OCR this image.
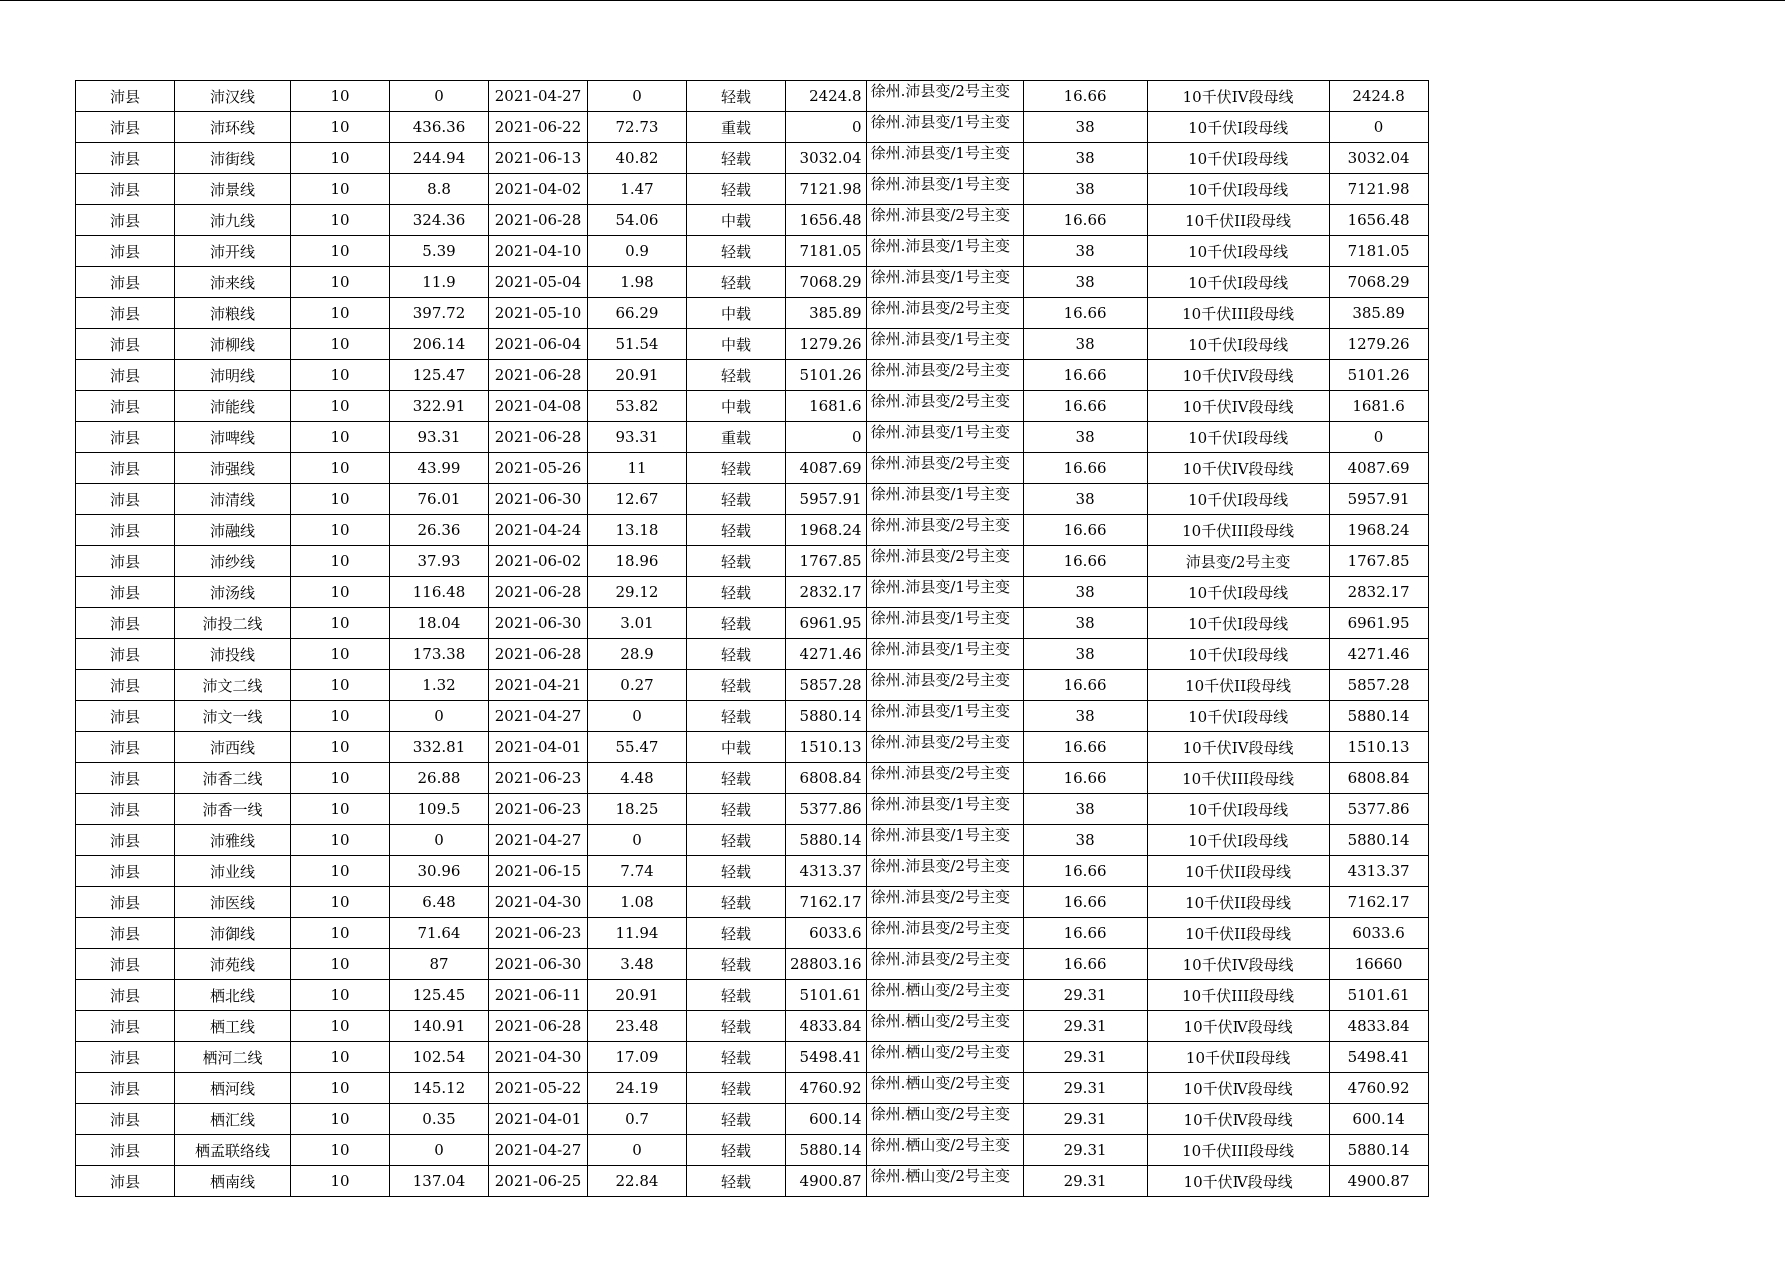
沛县	沛汉线	10	0	2021-04-27	0	轻载	2424.8	徐州.沛县变/2号主变	16.66	10千伏IV段母线	2424.8
沛县	沛环线	10	436.36	2021-06-22	72.73	重载	0	徐州.沛县变/1号主变	38	10千伏Ⅰ段母线	0
沛县	沛街线	10	244.94	2021-06-13	40.82	轻载	3032.04	徐州.沛县变/1号主变	38	10千伏Ⅰ段母线	3032.04
沛县	沛景线	10	8.8	2021-04-02	1.47	轻载	7121.98	徐州.沛县变/1号主变	38	10千伏Ⅰ段母线	7121.98
沛县	沛九线	10	324.36	2021-06-28	54.06	中载	1656.48	徐州.沛县变/2号主变	16.66	10千伏II段母线	1656.48
沛县	沛开线	10	5.39	2021-04-10	0.9	轻载	7181.05	徐州.沛县变/1号主变	38	10千伏Ⅰ段母线	7181.05
沛县	沛来线	10	11.9	2021-05-04	1.98	轻载	7068.29	徐州.沛县变/1号主变	38	10千伏Ⅰ段母线	7068.29
沛县	沛粮线	10	397.72	2021-05-10	66.29	中载	385.89	徐州.沛县变/2号主变	16.66	10千伏III段母线	385.89
沛县	沛柳线	10	206.14	2021-06-04	51.54	中载	1279.26	徐州.沛县变/1号主变	38	10千伏Ⅰ段母线	1279.26
沛县	沛明线	10	125.47	2021-06-28	20.91	轻载	5101.26	徐州.沛县变/2号主变	16.66	10千伏IV段母线	5101.26
沛县	沛能线	10	322.91	2021-04-08	53.82	中载	1681.6	徐州.沛县变/2号主变	16.66	10千伏IV段母线	1681.6
沛县	沛啤线	10	93.31	2021-06-28	93.31	重载	0	徐州.沛县变/1号主变	38	10千伏Ⅰ段母线	0
沛县	沛强线	10	43.99	2021-05-26	11	轻载	4087.69	徐州.沛县变/2号主变	16.66	10千伏IV段母线	4087.69
沛县	沛清线	10	76.01	2021-06-30	12.67	轻载	5957.91	徐州.沛县变/1号主变	38	10千伏Ⅰ段母线	5957.91
沛县	沛融线	10	26.36	2021-04-24	13.18	轻载	1968.24	徐州.沛县变/2号主变	16.66	10千伏III段母线	1968.24
沛县	沛纱线	10	37.93	2021-06-02	18.96	轻载	1767.85	徐州.沛县变/2号主变	16.66	沛县变/2号主变	1767.85
沛县	沛汤线	10	116.48	2021-06-28	29.12	轻载	2832.17	徐州.沛县变/1号主变	38	10千伏Ⅰ段母线	2832.17
沛县	沛投二线	10	18.04	2021-06-30	3.01	轻载	6961.95	徐州.沛县变/1号主变	38	10千伏Ⅰ段母线	6961.95
沛县	沛投线	10	173.38	2021-06-28	28.9	轻载	4271.46	徐州.沛县变/1号主变	38	10千伏Ⅰ段母线	4271.46
沛县	沛文二线	10	1.32	2021-04-21	0.27	轻载	5857.28	徐州.沛县变/2号主变	16.66	10千伏II段母线	5857.28
沛县	沛文一线	10	0	2021-04-27	0	轻载	5880.14	徐州.沛县变/1号主变	38	10千伏Ⅰ段母线	5880.14
沛县	沛西线	10	332.81	2021-04-01	55.47	中载	1510.13	徐州.沛县变/2号主变	16.66	10千伏IV段母线	1510.13
沛县	沛香二线	10	26.88	2021-06-23	4.48	轻载	6808.84	徐州.沛县变/2号主变	16.66	10千伏III段母线	6808.84
沛县	沛香一线	10	109.5	2021-06-23	18.25	轻载	5377.86	徐州.沛县变/1号主变	38	10千伏Ⅰ段母线	5377.86
沛县	沛雅线	10	0	2021-04-27	0	轻载	5880.14	徐州.沛县变/1号主变	38	10千伏Ⅰ段母线	5880.14
沛县	沛业线	10	30.96	2021-06-15	7.74	轻载	4313.37	徐州.沛县变/2号主变	16.66	10千伏II段母线	4313.37
沛县	沛医线	10	6.48	2021-04-30	1.08	轻载	7162.17	徐州.沛县变/2号主变	16.66	10千伏II段母线	7162.17
沛县	沛御线	10	71.64	2021-06-23	11.94	轻载	6033.6	徐州.沛县变/2号主变	16.66	10千伏II段母线	6033.6
沛县	沛苑线	10	87	2021-06-30	3.48	轻载	28803.16	徐州.沛县变/2号主变	16.66	10千伏IV段母线	16660
沛县	栖北线	10	125.45	2021-06-11	20.91	轻载	5101.61	徐州.栖山变/2号主变	29.31	10千伏III段母线	5101.61
沛县	栖工线	10	140.91	2021-06-28	23.48	轻载	4833.84	徐州.栖山变/2号主变	29.31	10千伏Ⅳ段母线	4833.84
沛县	栖河二线	10	102.54	2021-04-30	17.09	轻载	5498.41	徐州.栖山变/2号主变	29.31	10千伏Ⅱ段母线	5498.41
沛县	栖河线	10	145.12	2021-05-22	24.19	轻载	4760.92	徐州.栖山变/2号主变	29.31	10千伏Ⅳ段母线	4760.92
沛县	栖汇线	10	0.35	2021-04-01	0.7	轻载	600.14	徐州.栖山变/2号主变	29.31	10千伏Ⅳ段母线	600.14
沛县	栖孟联络线	10	0	2021-04-27	0	轻载	5880.14	徐州.栖山变/2号主变	29.31	10千伏III段母线	5880.14
沛县	栖南线	10	137.04	2021-06-25	22.84	轻载	4900.87	徐州.栖山变/2号主变	29.31	10千伏Ⅳ段母线	4900.87
